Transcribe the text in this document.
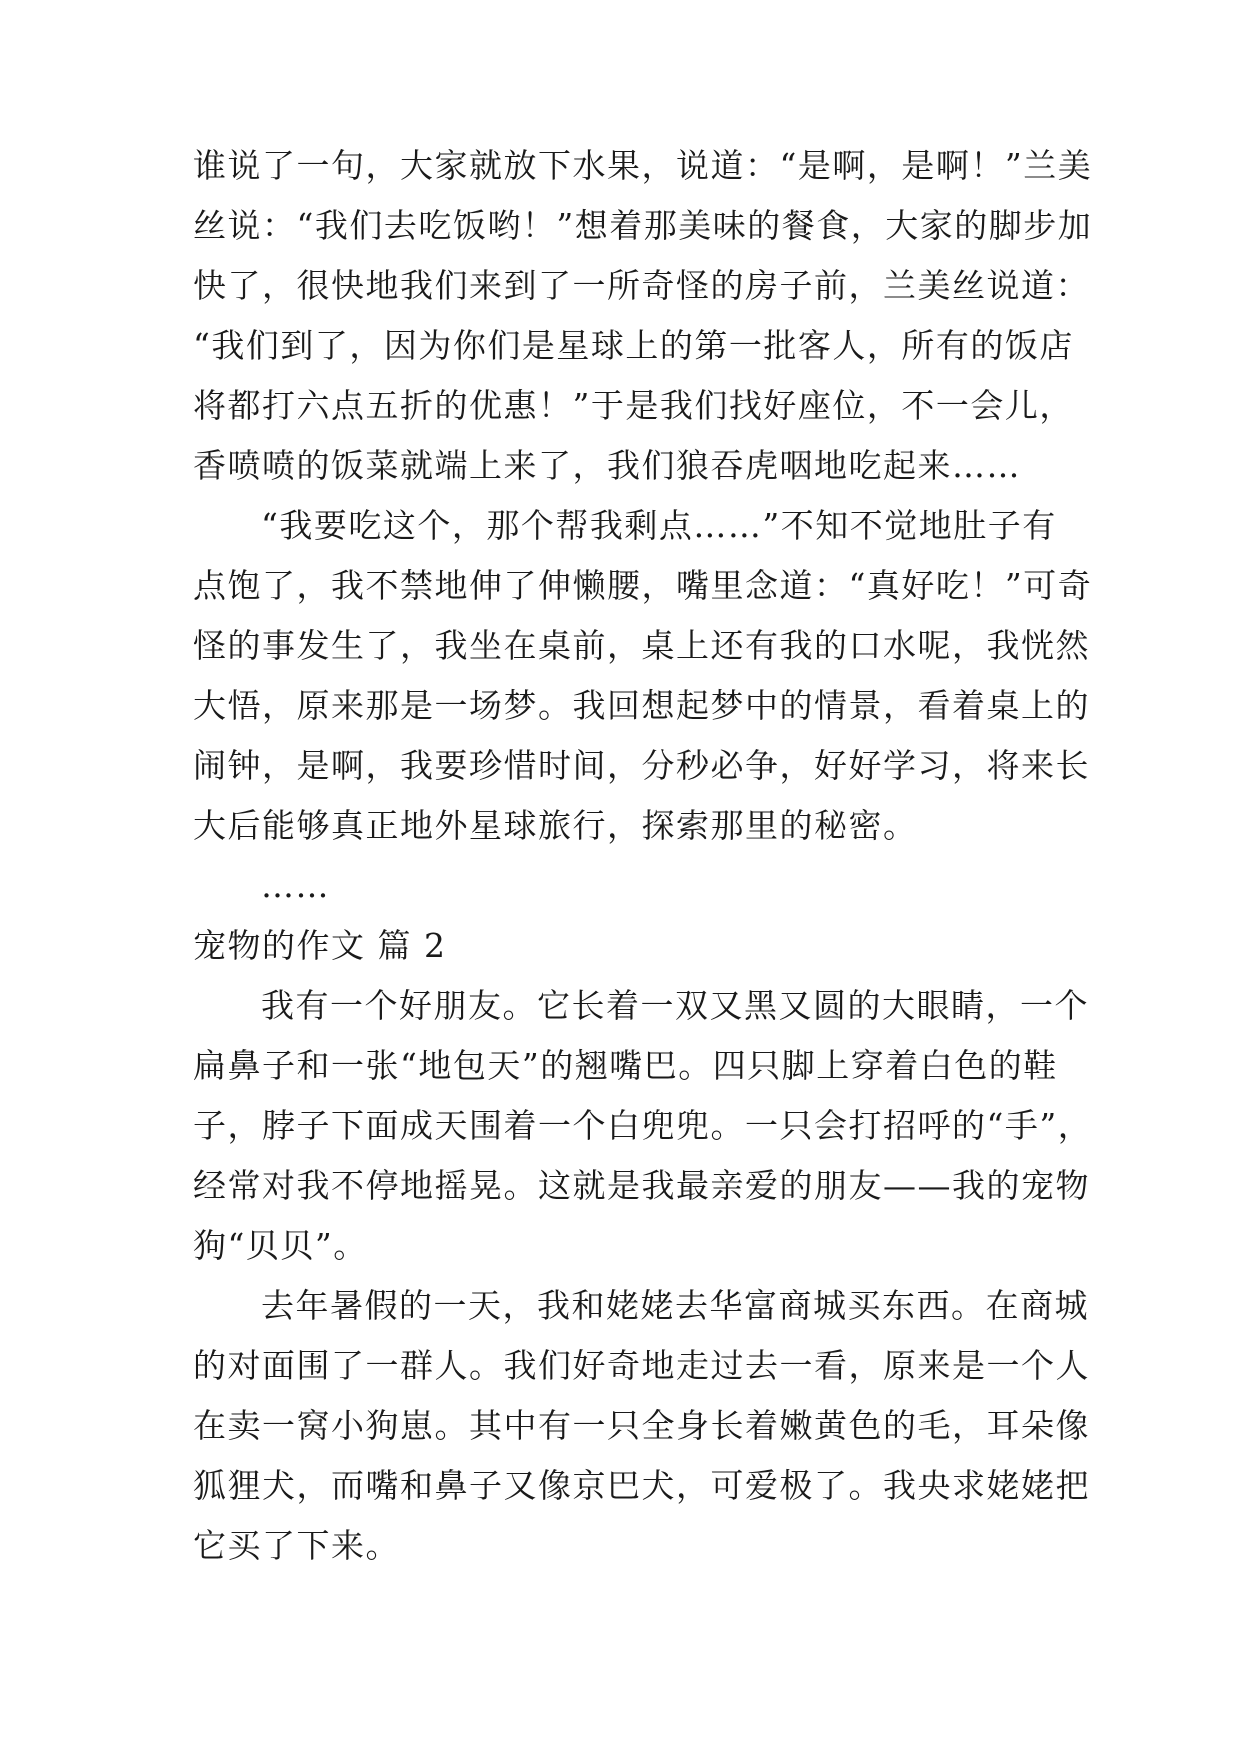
谁说了一句，大家就放下水果，说道：“是啊，是啊！”兰美
丝说：“我们去吃饭哟！”想着那美味的餐食，大家的脚步加
快了，很快地我们来到了一所奇怪的房子前，兰美丝说道：
“我们到了，因为你们是星球上的第一批客人，所有的饭店
将都打六点五折的优惠！”于是我们找好座位，不一会儿，
香喷喷的饭菜就端上来了，我们狼吞虎咽地吃起来……
“我要吃这个，那个帮我剩点……”不知不觉地肚子有
点饱了，我不禁地伸了伸懒腰，嘴里念道：“真好吃！”可奇
怪的事发生了，我坐在桌前，桌上还有我的口水呢，我恍然
大悟，原来那是一场梦。我回想起梦中的情景，看着桌上的
闹钟，是啊，我要珍惜时间，分秒必争，好好学习，将来长
大后能够真正地外星球旅行，探索那里的秘密。
……
宠物的作文 篇 2
我有一个好朋友。它长着一双又黑又圆的大眼睛，一个
扁鼻子和一张“地包天”的翘嘴巴。四只脚上穿着白色的鞋
子，脖子下面成天围着一个白兜兜。一只会打招呼的“手”，
经常对我不停地摇晃。这就是我最亲爱的朋友——我的宠物
狗“贝贝”。
去年暑假的一天，我和姥姥去华富商城买东西。在商城
的对面围了一群人。我们好奇地走过去一看，原来是一个人
在卖一窝小狗崽。其中有一只全身长着嫩黄色的毛，耳朵像
狐狸犬，而嘴和鼻子又像京巴犬，可爱极了。我央求姥姥把
它买了下来。
